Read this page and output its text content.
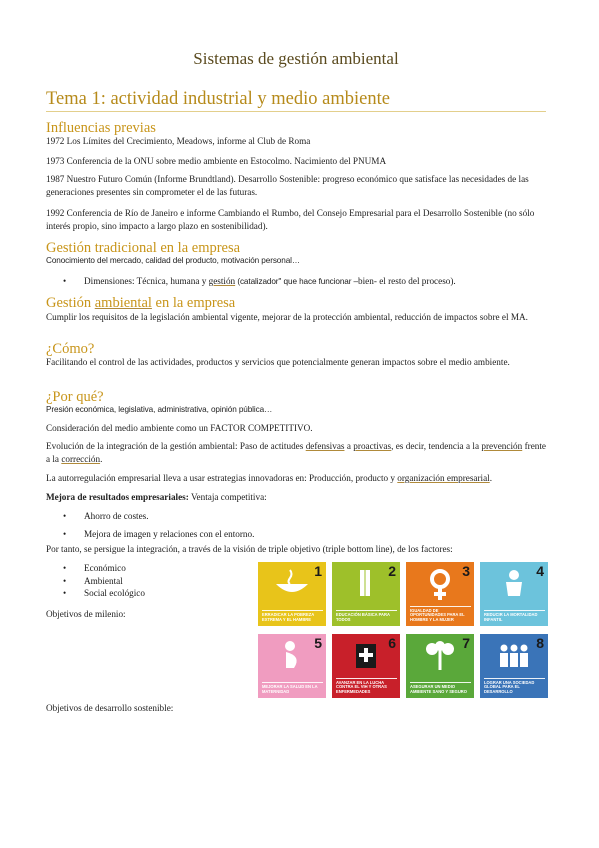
Sistemas de gestión ambiental
Tema 1: actividad industrial y medio ambiente
Influencias previas
1972 Los Límites del Crecimiento, Meadows, informe al Club de Roma
1973 Conferencia de la ONU sobre medio ambiente en Estocolmo. Nacimiento del PNUMA
1987 Nuestro Futuro Común (Informe Brundtland). Desarrollo Sostenible: progreso económico que satisface las necesidades de las generaciones presentes sin comprometer el de las futuras.
1992 Conferencia de Río de Janeiro e informe Cambiando el Rumbo, del Consejo Empresarial para el Desarrollo Sostenible (no sólo interés propio, sino impacto a largo plazo en sostenibilidad).
Gestión tradicional en la empresa
Conocimiento del mercado, calidad del producto, motivación personal…
• Dimensiones: Técnica, humana y gestión (catalizador'' que hace funcionar –bien- el resto del proceso).
Gestión ambiental en la empresa
Cumplir los requisitos de la legislación ambiental vigente, mejorar de la protección ambiental, reducción de impactos sobre el MA.
¿Cómo?
Facilitando el control de las actividades, productos y servicios que potencialmente generan impactos sobre el medio ambiente.
¿Por qué?
Presión económica, legislativa, administrativa, opinión pública…
Consideración del medio ambiente como un FACTOR COMPETITIVO.
Evolución de la integración de la gestión ambiental: Paso de actitudes defensivas a proactivas, es decir, tendencia a la prevención frente a la corrección.
La autorregulación empresarial lleva a usar estrategias innovadoras en: Producción, producto y organización empresarial.
Mejora de resultados empresariales: Ventaja competitiva:
• Ahorro de costes.
• Mejora de imagen y relaciones con el entorno.
Por tanto, se persigue la integración, a través de la visión de triple objetivo (triple bottom line), de los factores:
• Económico
• Ambiental
• Social ecológico
Objetivos de milenio:
Objetivos de desarrollo sostenible:
1
ERRADICAR LA POBREZA EXTREMA Y EL HAMBRE
2
EDUCACIÓN BÁSICA PARA TODOS
3
IGUALDAD DE OPORTUNIDADES PARA EL HOMBRE Y LA MUJER
4
REDUCIR LA MORTALIDAD INFANTIL
5
MEJORAR LA SALUD EN LA MATERNIDAD
6
AVANZAR EN LA LUCHA CONTRA EL VIH Y OTRAS ENFERMEDADES
7
ASEGURAR UN MEDIO AMBIENTE SANO Y SEGURO
8
LOGRAR UNA SOCIEDAD GLOBAL PARA EL DESARROLLO
